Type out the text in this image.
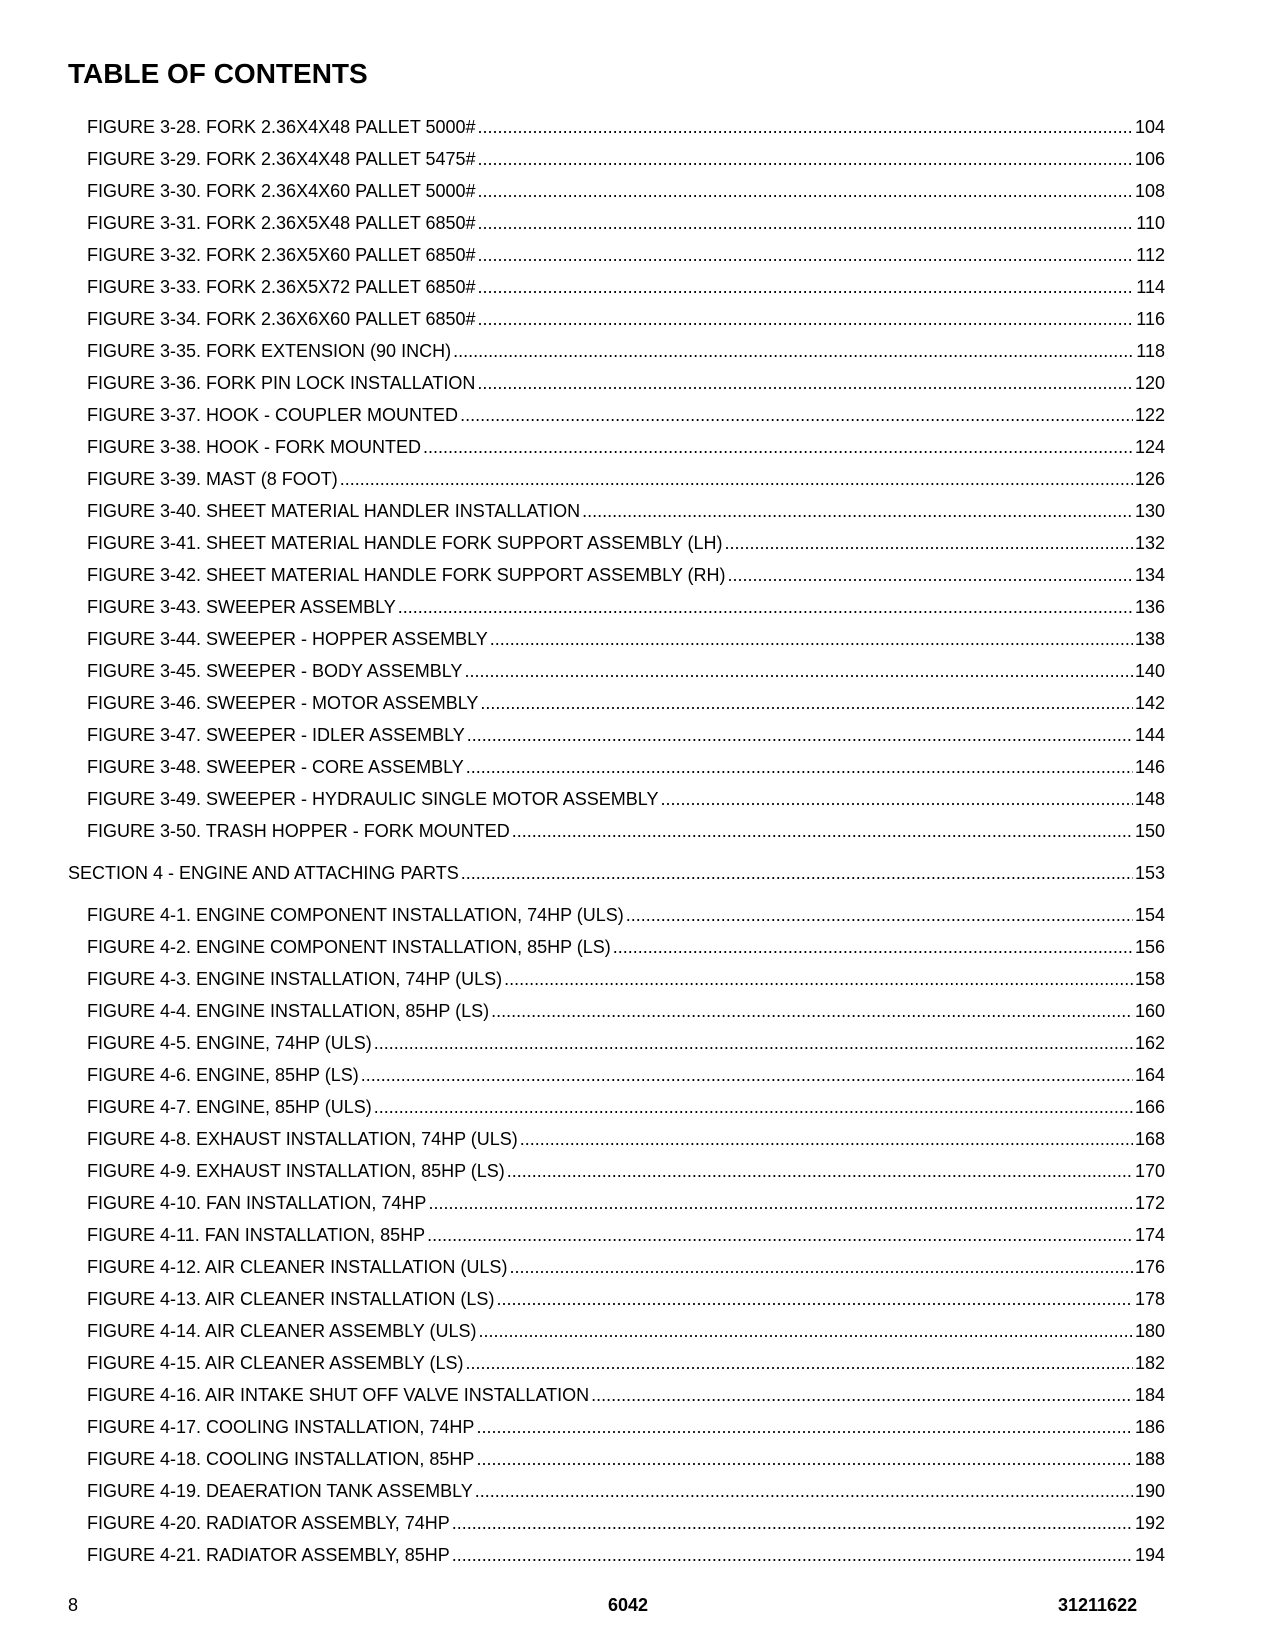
TABLE OF CONTENTS
FIGURE 3-28. FORK 2.36X4X48 PALLET 5000# .....	104
FIGURE 3-29. FORK 2.36X4X48 PALLET 5475# .....	106
FIGURE 3-30. FORK 2.36X4X60 PALLET 5000# .....	108
FIGURE 3-31. FORK 2.36X5X48 PALLET 6850# .....	110
FIGURE 3-32. FORK 2.36X5X60 PALLET 6850# .....	112
FIGURE 3-33. FORK 2.36X5X72 PALLET 6850# .....	114
FIGURE 3-34. FORK 2.36X6X60 PALLET 6850# .....	116
FIGURE 3-35. FORK EXTENSION (90 INCH) .....	118
FIGURE 3-36. FORK PIN LOCK INSTALLATION .....	120
FIGURE 3-37. HOOK - COUPLER MOUNTED .....	122
FIGURE 3-38. HOOK - FORK MOUNTED .....	124
FIGURE 3-39. MAST (8 FOOT) .....	126
FIGURE 3-40. SHEET MATERIAL HANDLER INSTALLATION .....	130
FIGURE 3-41. SHEET MATERIAL HANDLE FORK SUPPORT ASSEMBLY (LH) .....	132
FIGURE 3-42. SHEET MATERIAL HANDLE FORK SUPPORT ASSEMBLY (RH) .....	134
FIGURE 3-43. SWEEPER ASSEMBLY .....	136
FIGURE 3-44. SWEEPER - HOPPER ASSEMBLY .....	138
FIGURE 3-45. SWEEPER - BODY ASSEMBLY .....	140
FIGURE 3-46. SWEEPER - MOTOR ASSEMBLY .....	142
FIGURE 3-47. SWEEPER - IDLER ASSEMBLY .....	144
FIGURE 3-48. SWEEPER - CORE ASSEMBLY .....	146
FIGURE 3-49. SWEEPER - HYDRAULIC SINGLE MOTOR ASSEMBLY .....	148
FIGURE 3-50. TRASH HOPPER - FORK MOUNTED .....	150
SECTION 4 - ENGINE AND ATTACHING PARTS .....	153
FIGURE 4-1. ENGINE COMPONENT INSTALLATION, 74HP (ULS) .....	154
FIGURE 4-2. ENGINE COMPONENT INSTALLATION, 85HP (LS) .....	156
FIGURE 4-3. ENGINE INSTALLATION, 74HP (ULS) .....	158
FIGURE 4-4. ENGINE INSTALLATION, 85HP (LS) .....	160
FIGURE 4-5. ENGINE, 74HP (ULS) .....	162
FIGURE 4-6. ENGINE, 85HP (LS) .....	164
FIGURE 4-7. ENGINE, 85HP (ULS) .....	166
FIGURE 4-8. EXHAUST INSTALLATION, 74HP (ULS) .....	168
FIGURE 4-9. EXHAUST INSTALLATION, 85HP (LS) .....	170
FIGURE 4-10. FAN INSTALLATION, 74HP .....	172
FIGURE 4-11. FAN INSTALLATION, 85HP .....	174
FIGURE 4-12. AIR CLEANER INSTALLATION (ULS) .....	176
FIGURE 4-13. AIR CLEANER INSTALLATION (LS) .....	178
FIGURE 4-14. AIR CLEANER ASSEMBLY (ULS) .....	180
FIGURE 4-15. AIR CLEANER ASSEMBLY (LS) .....	182
FIGURE 4-16. AIR INTAKE SHUT OFF VALVE INSTALLATION .....	184
FIGURE 4-17. COOLING INSTALLATION, 74HP .....	186
FIGURE 4-18. COOLING INSTALLATION, 85HP .....	188
FIGURE 4-19. DEAERATION TANK ASSEMBLY .....	190
FIGURE 4-20. RADIATOR ASSEMBLY, 74HP .....	192
FIGURE 4-21. RADIATOR ASSEMBLY, 85HP .....	194
8	6042	31211622
